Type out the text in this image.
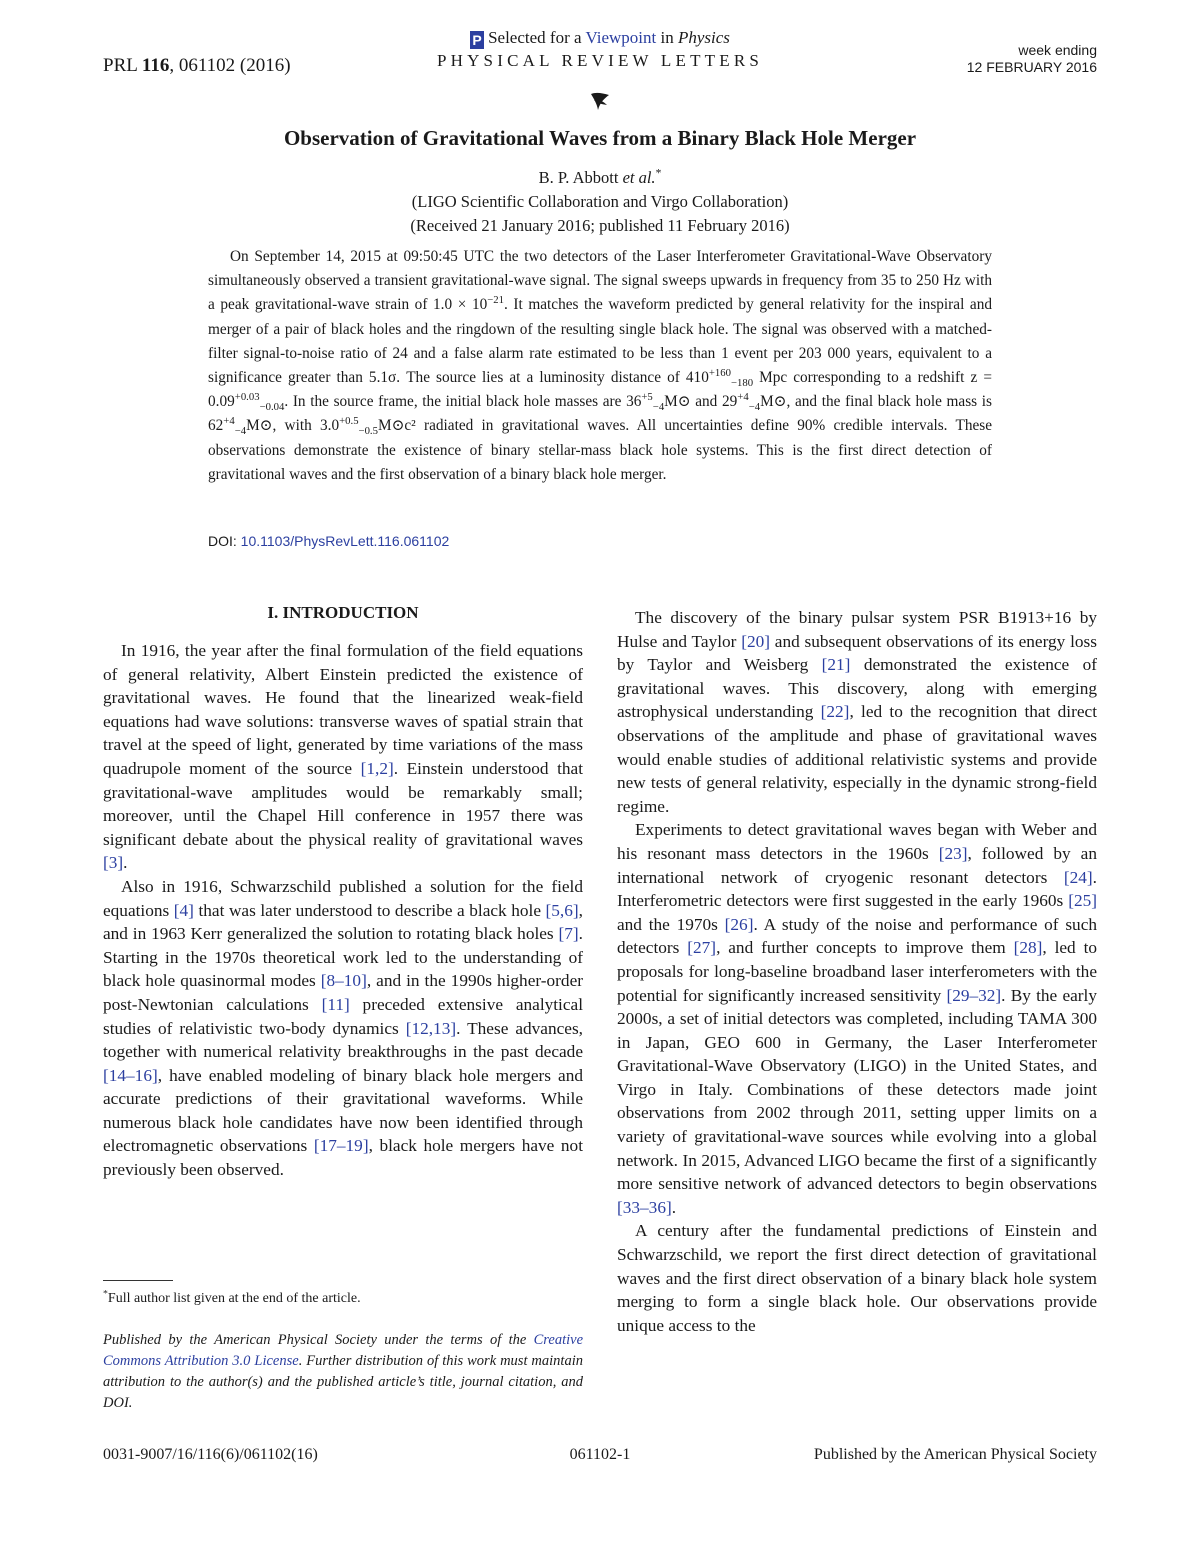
PRL 116, 061102 (2016)
P Selected for a Viewpoint in Physics
PHYSICAL REVIEW LETTERS
week ending
12 FEBRUARY 2016
Observation of Gravitational Waves from a Binary Black Hole Merger
B. P. Abbott et al.*
(LIGO Scientific Collaboration and Virgo Collaboration)
(Received 21 January 2016; published 11 February 2016)
On September 14, 2015 at 09:50:45 UTC the two detectors of the Laser Interferometer Gravitational-Wave Observatory simultaneously observed a transient gravitational-wave signal. The signal sweeps upwards in frequency from 35 to 250 Hz with a peak gravitational-wave strain of $1.0 \times 10^{-21}$. It matches the waveform predicted by general relativity for the inspiral and merger of a pair of black holes and the ringdown of the resulting single black hole. The signal was observed with a matched-filter signal-to-noise ratio of 24 and a false alarm rate estimated to be less than 1 event per 203 000 years, equivalent to a significance greater than 5.1σ. The source lies at a luminosity distance of $410^{+160}_{-180}$ Mpc corresponding to a redshift $z = 0.09^{+0.03}_{-0.04}$. In the source frame, the initial black hole masses are $36^{+5}_{-4}M⊙$ and $29^{+4}_{-4}M⊙$, and the final black hole mass is $62^{+4}_{-4}M⊙$, with $3.0^{+0.5}_{-0.5}M⊙c^2$ radiated in gravitational waves. All uncertainties define 90% credible intervals. These observations demonstrate the existence of binary stellar-mass black hole systems. This is the first direct detection of gravitational waves and the first observation of a binary black hole merger.
DOI: 10.1103/PhysRevLett.116.061102
I. INTRODUCTION

In 1916, the year after the final formulation of the field equations of general relativity, Albert Einstein predicted the existence of gravitational waves. He found that the linearized weak-field equations had wave solutions: transverse waves of spatial strain that travel at the speed of light, generated by time variations of the mass quadrupole moment of the source [1,2]. Einstein understood that gravitational-wave amplitudes would be remarkably small; moreover, until the Chapel Hill conference in 1957 there was significant debate about the physical reality of gravitational waves [3].

Also in 1916, Schwarzschild published a solution for the field equations [4] that was later understood to describe a black hole [5,6], and in 1963 Kerr generalized the solution to rotating black holes [7]. Starting in the 1970s theoretical work led to the understanding of black hole quasinormal modes [8–10], and in the 1990s higher-order post-Newtonian calculations [11] preceded extensive analytical studies of relativistic two-body dynamics [12,13]. These advances, together with numerical relativity breakthroughs in the past decade [14–16], have enabled modeling of binary black hole mergers and accurate predictions of their gravitational waveforms. While numerous black hole candidates have now been identified through electromagnetic observations [17–19], black hole mergers have not previously been observed.

The discovery of the binary pulsar system PSR B1913+16 by Hulse and Taylor [20] and subsequent observations of its energy loss by Taylor and Weisberg [21] demonstrated the existence of gravitational waves. This discovery, along with emerging astrophysical understanding [22], led to the recognition that direct observations of the amplitude and phase of gravitational waves would enable studies of additional relativistic systems and provide new tests of general relativity, especially in the dynamic strong-field regime.

Experiments to detect gravitational waves began with Weber and his resonant mass detectors in the 1960s [23], followed by an international network of cryogenic resonant detectors [24]. Interferometric detectors were first suggested in the early 1960s [25] and the 1970s [26]. A study of the noise and performance of such detectors [27], and further concepts to improve them [28], led to proposals for long-baseline broadband laser interferometers with the potential for significantly increased sensitivity [29–32]. By the early 2000s, a set of initial detectors was completed, including TAMA 300 in Japan, GEO 600 in Germany, the Laser Interferometer Gravitational-Wave Observatory (LIGO) in the United States, and Virgo in Italy. Combinations of these detectors made joint observations from 2002 through 2011, setting upper limits on a variety of gravitational-wave sources while evolving into a global network. In 2015, Advanced LIGO became the first of a significantly more sensitive network of advanced detectors to begin observations [33–36].

A century after the fundamental predictions of Einstein and Schwarzschild, we report the first direct detection of gravitational waves and the first direct observation of a binary black hole system merging to form a single black hole. Our observations provide unique access to the

*Full author list given at the end of the article.
Published by the American Physical Society under the terms of the Creative Commons Attribution 3.0 License. Further distribution of this work must maintain attribution to the author(s) and the published article’s title, journal citation, and DOI.
0031-9007/16/116(6)/061102(16)	061102-1	Published by the American Physical Society
